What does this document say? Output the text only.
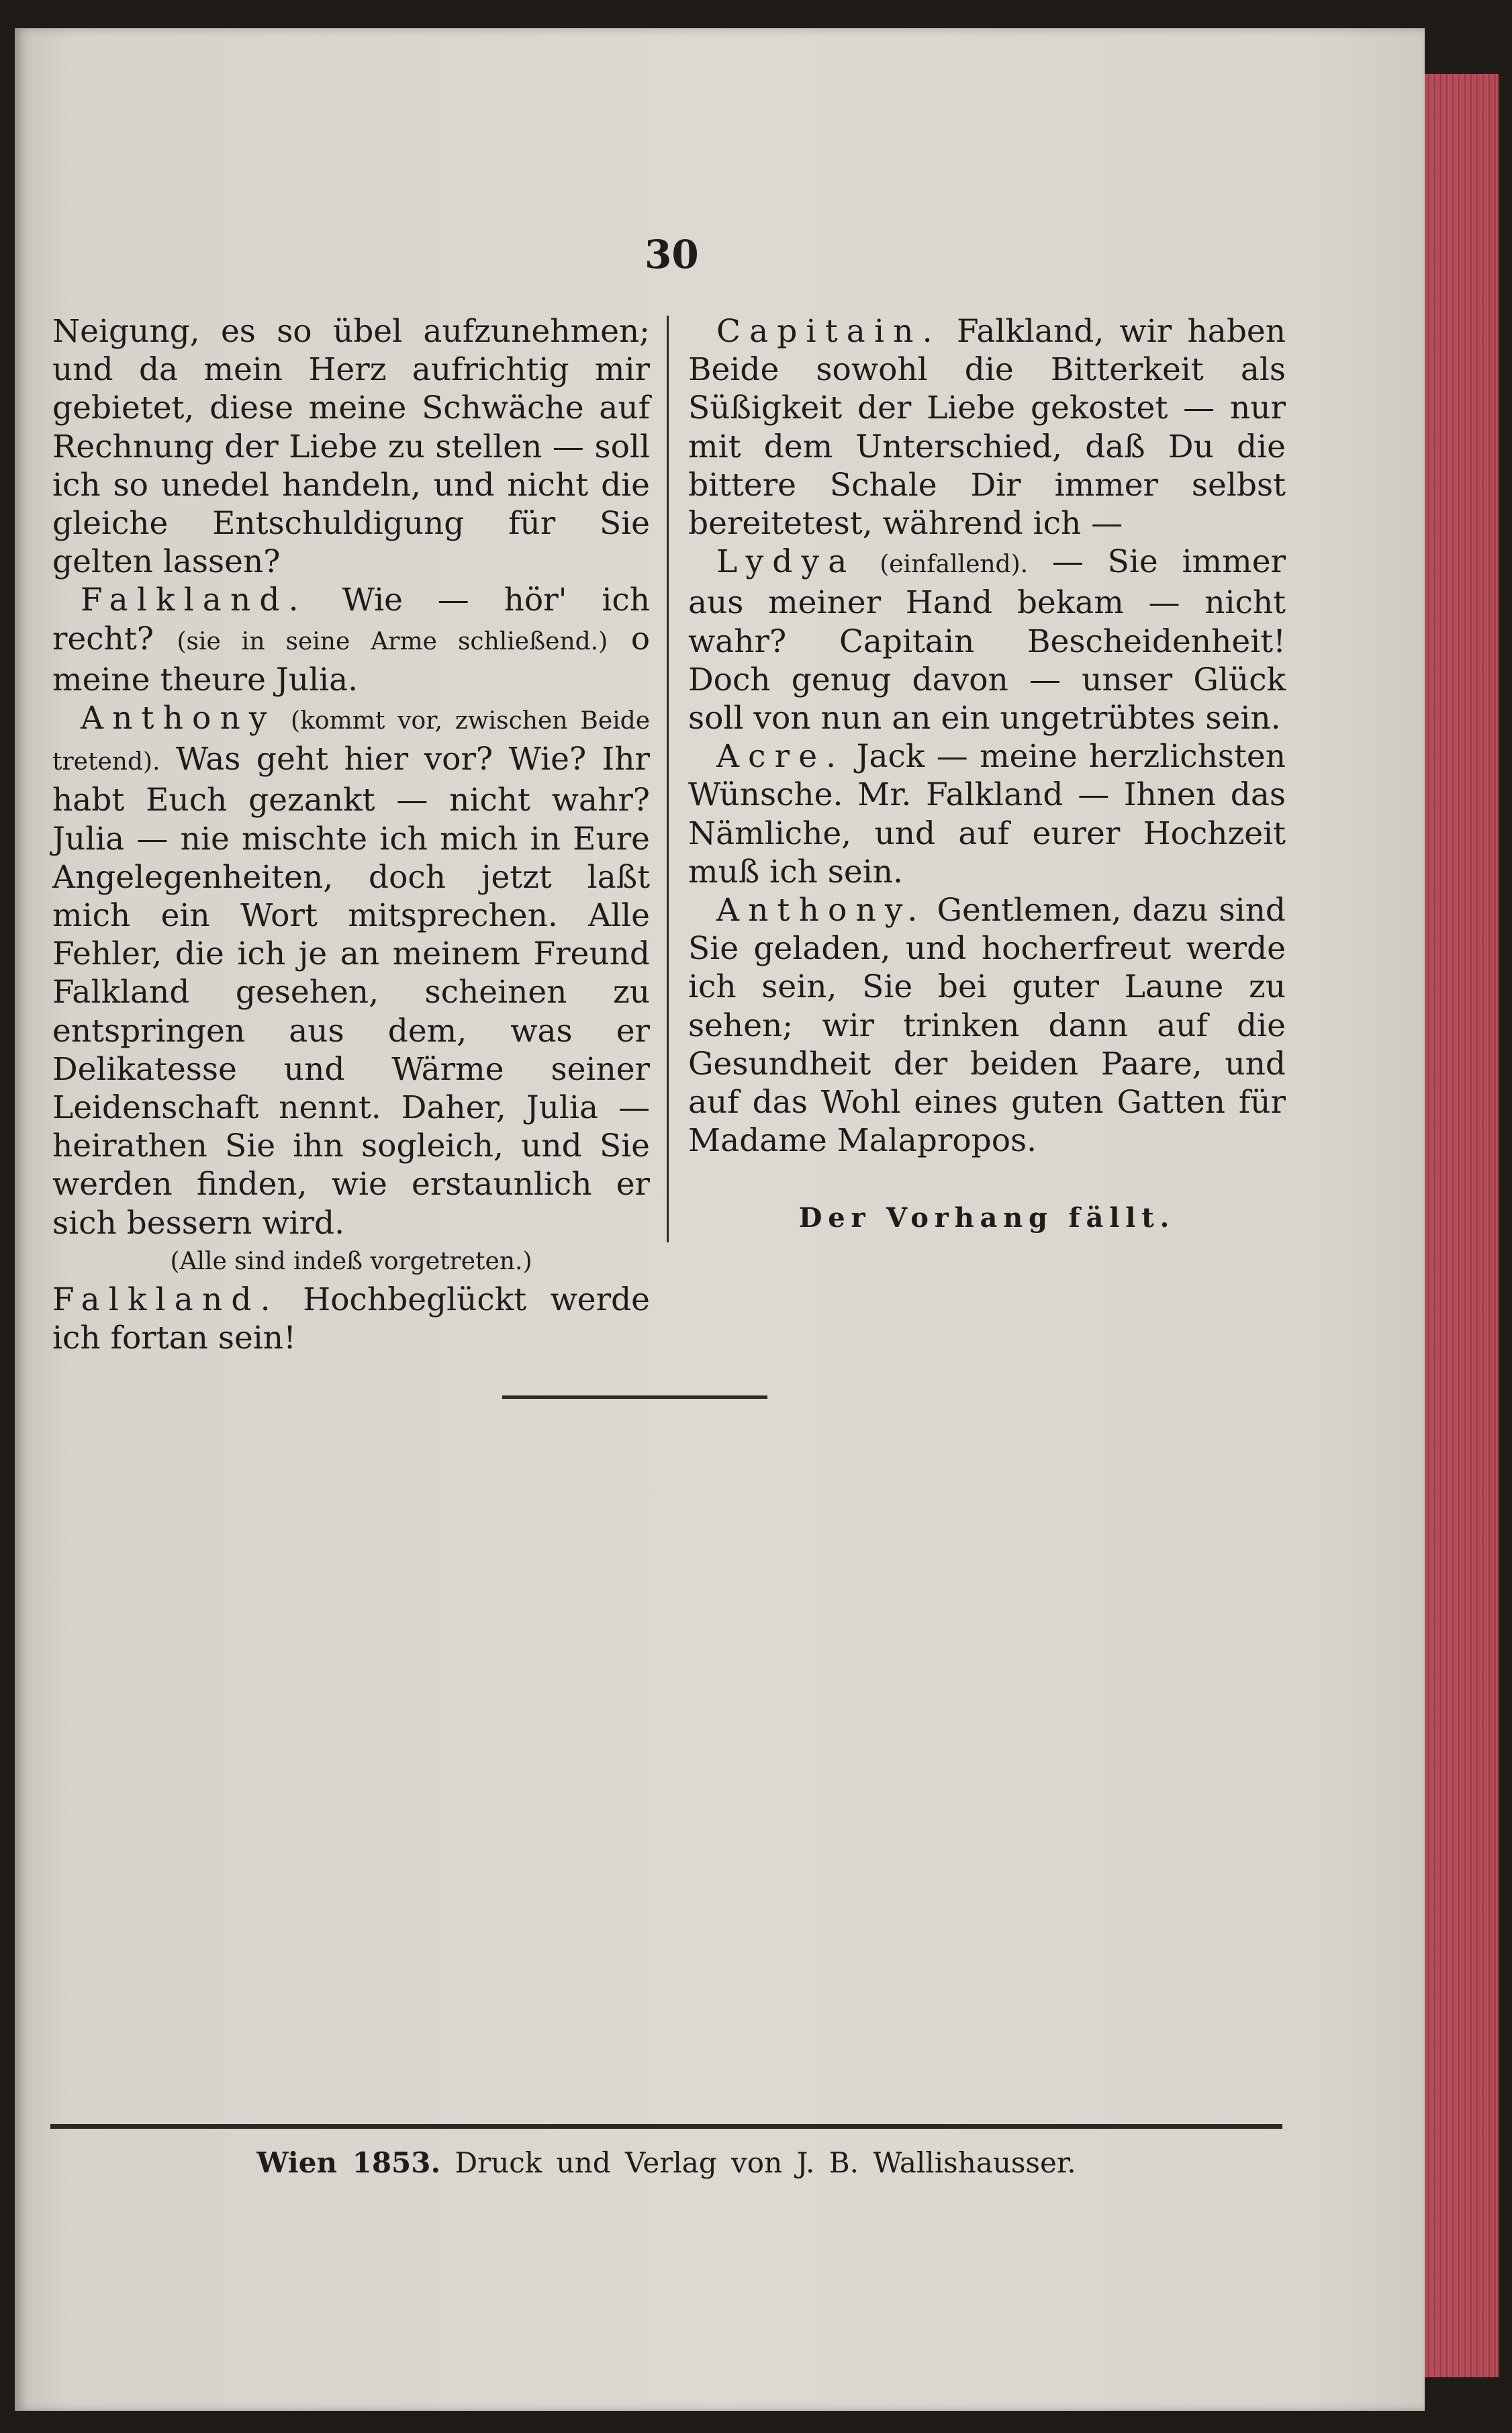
30

Neigung, es so übel aufzunehmen; und da mein Herz aufrichtig mir gebietet, diese meine Schwäche auf Rechnung der Liebe zu stellen — soll ich so unedel handeln, und nicht die gleiche Entschuldigung für Sie gelten lassen?

Falkland. Wie — hör' ich recht? (sie in seine Arme schließend.) o meine theure Julia.

Anthony (kommt vor, zwischen Beide tretend). Was geht hier vor? Wie? Ihr habt Euch gezankt — nicht wahr? Julia — nie mischte ich mich in Eure Angelegenheiten, doch jetzt laßt mich ein Wort mitsprechen. Alle Fehler, die ich je an meinem Freund Falkland gesehen, scheinen zu entspringen aus dem, was er Delikatesse und Wärme seiner Leidenschaft nennt. Daher, Julia — heirathen Sie ihn sogleich, und Sie werden finden, wie erstaunlich er sich bessern wird.

(Alle sind indeß vorgetreten.)

Falkland. Hochbeglückt werde ich fortan sein!

Capitain. Falkland, wir haben Beide sowohl die Bitterkeit als Süßigkeit der Liebe gekostet — nur mit dem Unterschied, daß Du die bittere Schale Dir immer selbst bereitetest, während ich —

Lydya (einfallend). — Sie immer aus meiner Hand bekam — nicht wahr? Capitain Bescheidenheit! Doch genug davon — unser Glück soll von nun an ein ungetrübtes sein.

Acre. Jack — meine herzlichsten Wünsche. Mr. Falkland — Ihnen das Nämliche, und auf eurer Hochzeit muß ich sein.

Anthony. Gentlemen, dazu sind Sie geladen, und hocherfreut werde ich sein, Sie bei guter Laune zu sehen; wir trinken dann auf die Gesundheit der beiden Paare, und auf das Wohl eines guten Gatten für Madame Malapropos.

Der Vorhang fällt.

Wien 1853. Druck und Verlag von J. B. Wallishausser.
